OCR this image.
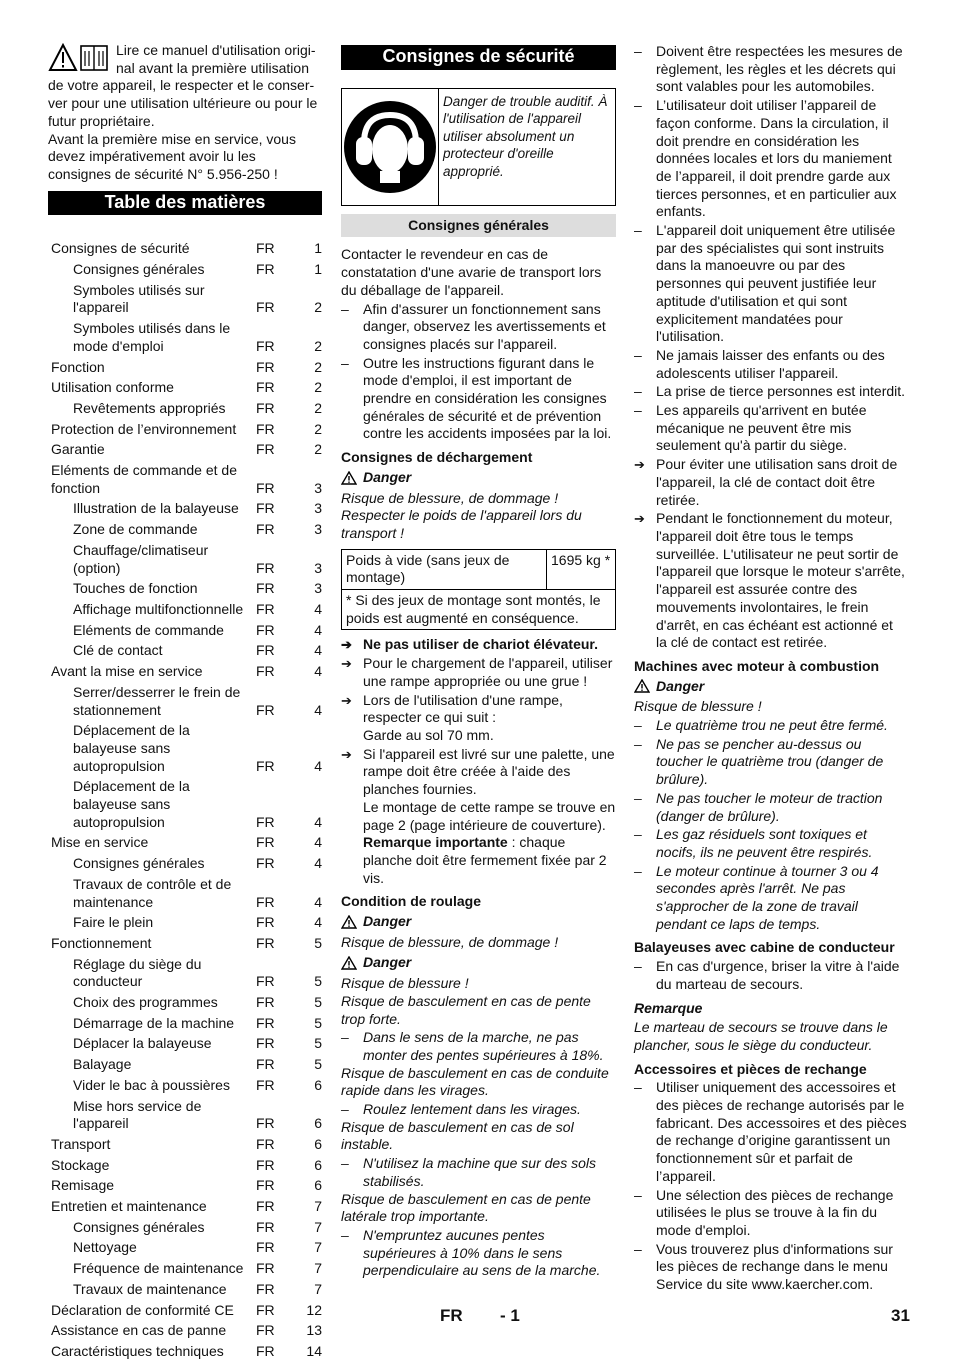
Lire ce manuel d'utilisation origi-
nal avant la première utilisation
de votre appareil, le respecter et le conser-
ver pour une utilisation ultérieure ou pour le
futur propriétaire.

Avant la première mise en service, vous devez impérativement avoir lu les consignes de sécurité N° 5.956-250 !

Table des matières
Consignes de sécurité	FR	1
Consignes générales	FR	1
Symboles utilisés sur l'appareil	FR	2
Symboles utilisés dans le mode d'emploi	FR	2
Fonction	FR	2
Utilisation conforme	FR	2
Revêtements appropriés	FR	2
Protection de l’environnement	FR	2
Garantie	FR	2
Eléments de commande et de fonction	FR	3
Illustration de la balayeuse	FR	3
Zone de commande	FR	3
Chauffage/climatiseur (option)	FR	3
Touches de fonction	FR	3
Affichage multifonctionnelle FR	4
Eléments de commande	FR	4
Clé de contact	FR	4
Avant la mise en service	FR	4
Serrer/desserrer le frein de stationnement	FR	4
Déplacement de la balayeuse sans autopropulsion	FR	4
Déplacement de la balayeuse sans autopropulsion	FR	4
Mise en service	FR	4
Consignes générales	FR	4
Travaux de contrôle et de maintenance	FR	4
Faire le plein	FR	4
Fonctionnement	FR	5
Réglage du siège du conducteur	FR	5
Choix des programmes	FR	5
Démarrage de la machine	FR	5
Déplacer la balayeuse	FR	5
Balayage	FR	5
Vider le bac à poussières	FR	6
Mise hors service de l'appareil	FR	6
Transport	FR	6
Stockage	FR	6
Remisage	FR	6
Entretien et maintenance	FR	7
Consignes générales	FR	7
Nettoyage	FR	7
Fréquence de maintenance FR	7
Travaux de maintenance	FR	7
Déclaration de conformité CE	FR	12
Assistance en cas de panne	FR	13
Caractéristiques techniques	FR	14
Consignes de sécurité
Danger de trouble auditif. À l'utilisation de l'appareil utiliser absolument un protecteur d'oreille approprié.
Consignes générales

Contacter le revendeur en cas de constatation d'une avarie de transport lors du déballage de l'appareil.

–	Afin d'assurer un fonctionnement sans danger, observez les avertissements et consignes placés sur l'appareil.
–	Outre les instructions figurant dans le mode d'emploi, il est important de prendre en considération les consignes générales de sécurité et de prévention contre les accidents imposées par la loi.
Consignes de déchargement
Danger

Risque de blessure, de dommage ! Respecter le poids de l'appareil lors du transport !

Poids à vide (sans jeux de montage)	1695 kg *
* Si des jeux de montage sont montés, le poids est augmenté en conséquence.
➔ Ne pas utiliser de chariot élévateur.
➔ Pour le chargement de l'appareil, utiliser une rampe appropriée ou une grue !
➔ Lors de l'utilisation d'une rampe, respecter ce qui suit :
Garde au sol 70 mm.
➔ Si l'appareil est livré sur une palette, une rampe doit être créée à l'aide des planches fournies.
Le montage de cette rampe se trouve en page 2 (page intérieure de couverture).
Remarque importante : chaque planche doit être fermement fixée par 2 vis.
Condition de roulage
Danger

Risque de blessure, de dommage !

Danger

Risque de blessure !

Risque de basculement en cas de pente trop forte.

–	Dans le sens de la marche, ne pas monter des pentes supérieures à 18%.

Risque de basculement en cas de conduite rapide dans les virages.

–	Roulez lentement dans les virages.

Risque de basculement en cas de sol instable.

–	N'utilisez la machine que sur des sols stabilisés.

Risque de basculement en cas de pente latérale trop importante.

–	N'empruntez aucunes pentes supérieures à 10% dans le sens perpendiculaire au sens de la marche.
–	Doivent être respectées les mesures de règlement, les règles et les décrets qui sont valables pour les automobiles.
–	L’utilisateur doit utiliser l’appareil de façon conforme. Dans la circulation, il doit prendre en considération les données locales et lors du maniement de l’appareil, il doit prendre garde aux tierces personnes, et en particulier aux enfants.
–	L'appareil doit uniquement être utilisée par des spécialistes qui sont instruits dans la manoeuvre ou par des personnes qui peuvent justifiée leur aptitude d'utilisation et qui sont explicitement mandatées pour l'utilisation.
–	Ne jamais laisser des enfants ou des adolescents utiliser l'appareil.
–	La prise de tierce personnes est interdit.
–	Les appareils qu'arrivent en butée mécanique ne peuvent être mis seulement qu'à partir du siège.
➔ Pour éviter une utilisation sans droit de l'appareil, la clé de contact doit être retirée.
➔ Pendant le fonctionnement du moteur, l'appareil doit être tous le temps surveillée. L'utilisateur ne peut sortir de l'appareil que lorsque le moteur s'arrête, l'appareil est assurée contre des mouvements involontaires, le frein d'arrêt, en cas échéant est actionné et la clé de contact est retirée.
Machines avec moteur à combustion
Danger

Risque de blessure !

–	Le quatrième trou ne peut être fermé.
–	Ne pas se pencher au-dessus ou toucher le quatrième trou (danger de brûlure).
–	Ne pas toucher le moteur de traction (danger de brûlure).
–	Les gaz résiduels sont toxiques et nocifs, ils ne peuvent être respirés.
–	Le moteur continue à tourner 3 ou 4 secondes après l'arrêt. Ne pas s'approcher de la zone de travail pendant ce laps de temps.
Balayeuses avec cabine de conducteur
–	En cas d'urgence, briser la vitre à l'aide du marteau de secours.
Remarque

Le marteau de secours se trouve dans le plancher, sous le siège du conducteur.

Accessoires et pièces de rechange
–	Utiliser uniquement des accessoires et des pièces de rechange autorisés par le fabricant. Des accessoires et des pièces de rechange d’origine garantissent un fonctionnement sûr et parfait de l’appareil.
–	Une sélection des pièces de rechange utilisées le plus se trouve à la fin du mode d'emploi.
–	Vous trouverez plus d'informations sur les pièces de rechange dans le menu Service du site www.kaercher.com.
FR - 1	31
